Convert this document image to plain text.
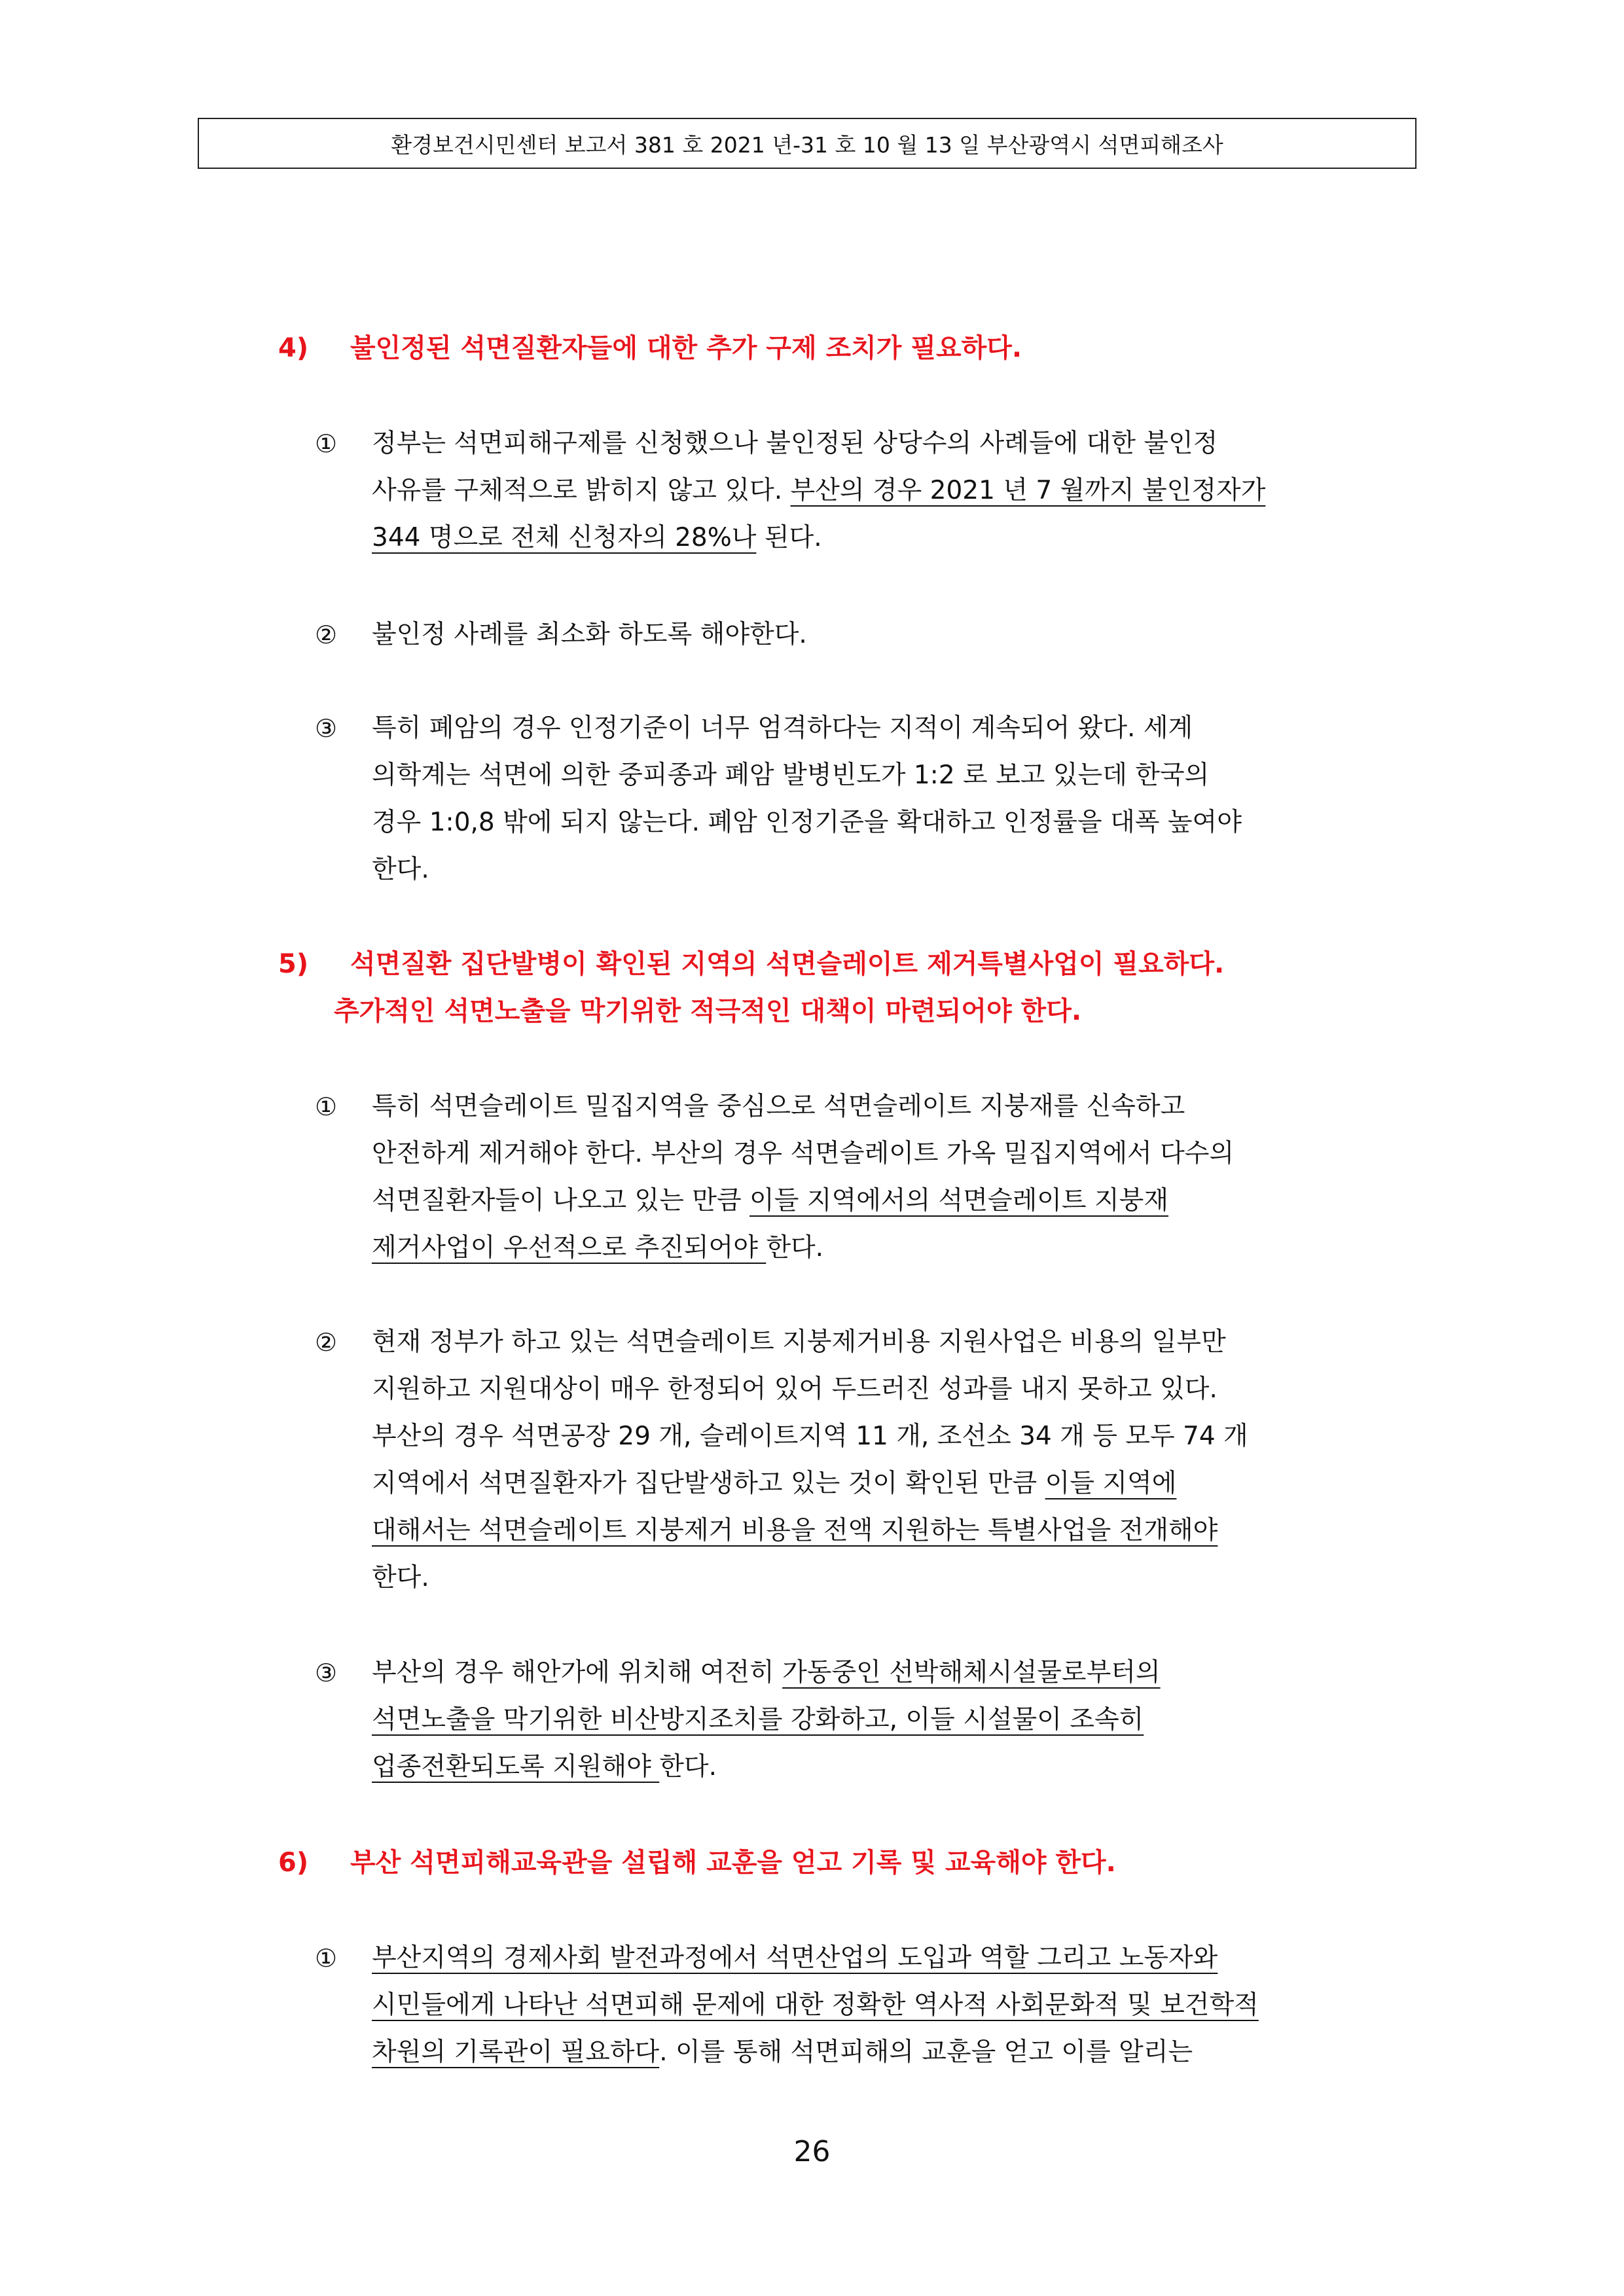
환경보건시민센터 보고서 381 호 2021 년-31 호 10 월 13 일 부산광역시 석면피해조사
4) 불인정된 석면질환자들에 대한 추가 구제 조치가 필요하다.
① 정부는 석면피해구제를 신청했으나 불인정된 상당수의 사례들에 대한 불인정
사유를 구체적으로 밝히지 않고 있다. 부산의 경우 2021 년 7 월까지 불인정자가
344 명으로 전체 신청자의 28%나 된다.
② 불인정 사례를 최소화 하도록 해야한다.
③ 특히 폐암의 경우 인정기준이 너무 엄격하다는 지적이 계속되어 왔다. 세계
의학계는 석면에 의한 중피종과 폐암 발병빈도가 1:2 로 보고 있는데 한국의
경우 1:0,8 밖에 되지 않는다. 폐암 인정기준을 확대하고 인정률을 대폭 높여야
한다.
5) 석면질환 집단발병이 확인된 지역의 석면슬레이트 제거특별사업이 필요하다.
추가적인 석면노출을 막기위한 적극적인 대책이 마련되어야 한다.
① 특히 석면슬레이트 밀집지역을 중심으로 석면슬레이트 지붕재를 신속하고
안전하게 제거해야 한다. 부산의 경우 석면슬레이트 가옥 밀집지역에서 다수의
석면질환자들이 나오고 있는 만큼 이들 지역에서의 석면슬레이트 지붕재
제거사업이 우선적으로 추진되어야 한다.
② 현재 정부가 하고 있는 석면슬레이트 지붕제거비용 지원사업은 비용의 일부만
지원하고 지원대상이 매우 한정되어 있어 두드러진 성과를 내지 못하고 있다.
부산의 경우 석면공장 29 개, 슬레이트지역 11 개, 조선소 34 개 등 모두 74 개
지역에서 석면질환자가 집단발생하고 있는 것이 확인된 만큼 이들 지역에
대해서는 석면슬레이트 지붕제거 비용을 전액 지원하는 특별사업을 전개해야
한다.
③ 부산의 경우 해안가에 위치해 여전히 가동중인 선박해체시설물로부터의
석면노출을 막기위한 비산방지조치를 강화하고, 이들 시설물이 조속히
업종전환되도록 지원해야 한다.
6) 부산 석면피해교육관을 설립해 교훈을 얻고 기록 및 교육해야 한다.
① 부산지역의 경제사회 발전과정에서 석면산업의 도입과 역할 그리고 노동자와
시민들에게 나타난 석면피해 문제에 대한 정확한 역사적 사회문화적 및 보건학적
차원의 기록관이 필요하다. 이를 통해 석면피해의 교훈을 얻고 이를 알리는
26
